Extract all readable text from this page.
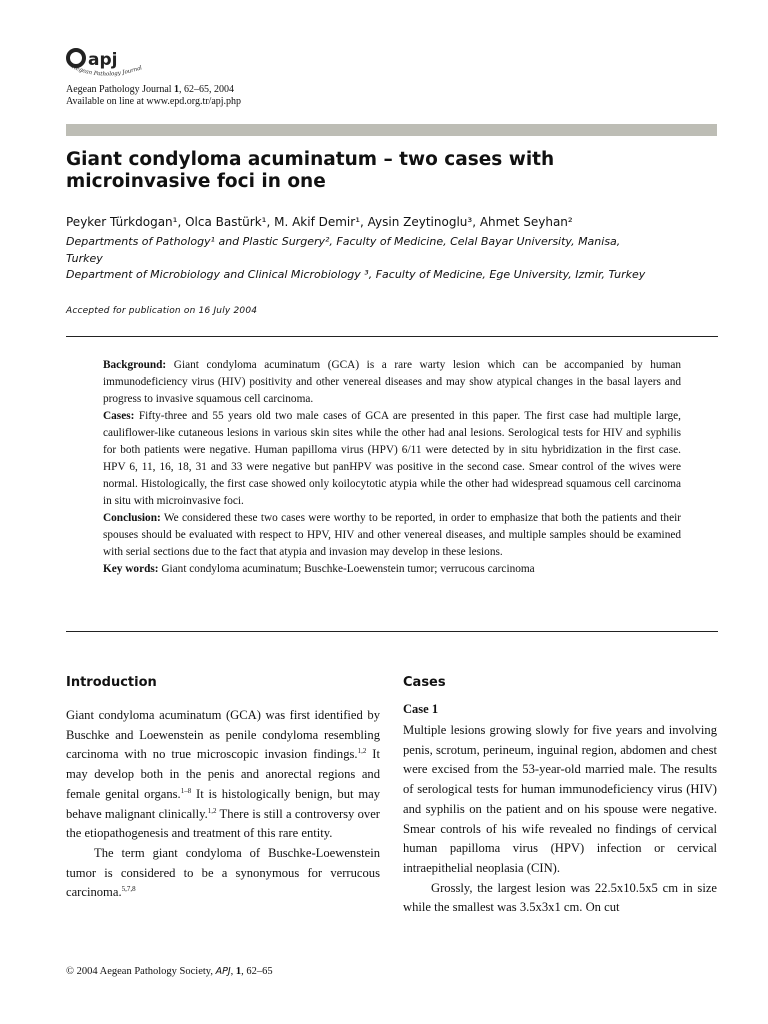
apj
Aegean Pathology Journal
Aegean Pathology Journal 1, 62–65, 2004
Available on line at www.epd.org.tr/apj.php
Giant condyloma acuminatum – two cases with
microinvasive foci in one
Peyker Türkdogan¹, Olca Bastürk¹, M. Akif Demir¹, Aysin Zeytinoglu³, Ahmet Seyhan²
Departments of Pathology¹ and Plastic Surgery², Faculty of Medicine, Celal Bayar University, Manisa,
Turkey
Department of Microbiology and Clinical Microbiology ³, Faculty of Medicine, Ege University, Izmir, Turkey
Accepted for publication on 16 July 2004

Background: Giant condyloma acuminatum (GCA) is a rare warty lesion which can be accompanied by human immunodeficiency virus (HIV) positivity and other venereal diseases and may show atypical changes in the basal layers and progress to invasive squamous cell carcinoma.

Cases: Fifty-three and 55 years old two male cases of GCA are presented in this paper. The first case had multiple large, cauliflower-like cutaneous lesions in various skin sites while the other had anal lesions. Serological tests for HIV and syphilis for both patients were negative. Human papilloma virus (HPV) 6/11 were detected by in situ hybridization in the first case. HPV 6, 11, 16, 18, 31 and 33 were negative but panHPV was positive in the second case. Smear control of the wives were normal. Histologically, the first case showed only koilocytotic atypia while the other had widespread squamous cell carcinoma in situ with microinvasive foci.

Conclusion: We considered these two cases were worthy to be reported, in order to emphasize that both the patients and their spouses should be evaluated with respect to HPV, HIV and other venereal diseases, and multiple samples should be examined with serial sections due to the fact that atypia and invasion may develop in these lesions.

Key words: Giant condyloma acuminatum; Buschke-Loewenstein tumor; verrucous carcinoma

Introduction

Giant condyloma acuminatum (GCA) was first identified by Buschke and Loewenstein as penile condyloma resembling carcinoma with no true microscopic invasion findings.$^{1,2}$ It may develop both in the penis and anorectal regions and female genital organs.$^{1-8}$ It is histologically benign, but may behave malignant clinically.$^{1,2}$ There is still a controversy over the etiopathogenesis and treatment of this rare entity.

The term giant condyloma of Buschke-Loewenstein tumor is considered to be a synonymous for verrucous carcinoma.$^{5,7,8}$

Cases
Case 1

Multiple lesions growing slowly for five years and involving penis, scrotum, perineum, inguinal region, abdomen and chest were excised from the 53-year-old married male. The results of serological tests for human immunodeficiency virus (HIV) and syphilis on the patient and on his spouse were negative. Smear controls of his wife revealed no findings of cervical human papilloma virus (HPV) infection or cervical intraepithelial neoplasia (CIN).

Grossly, the largest lesion was 22.5x10.5x5 cm in size while the smallest was 3.5x3x1 cm. On cut

© 2004 Aegean Pathology Society, APJ, 1, 62–65
